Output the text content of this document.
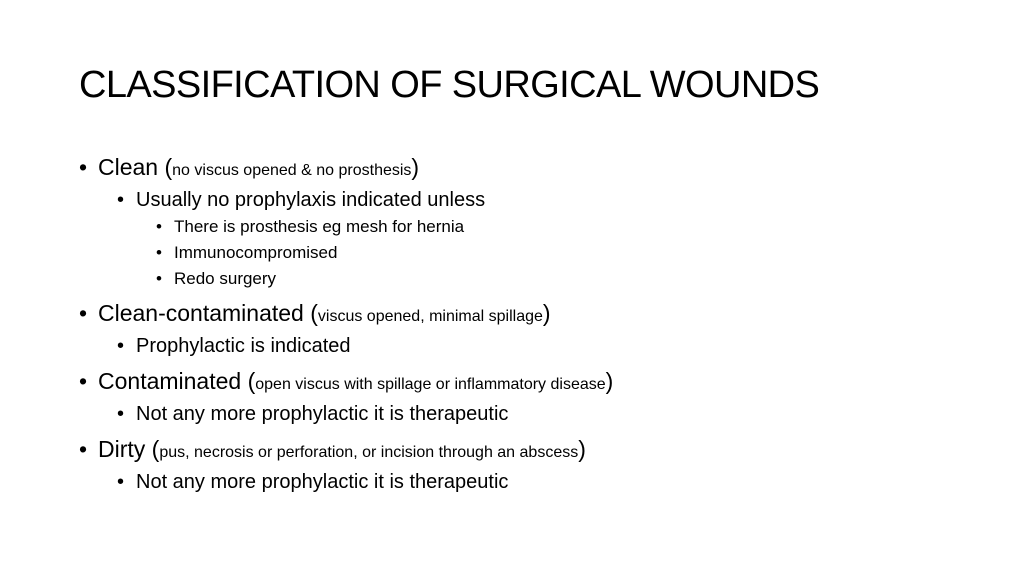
CLASSIFICATION OF SURGICAL WOUNDS
• Clean (no viscus opened & no prosthesis)
• Usually no prophylaxis indicated unless
• There is prosthesis eg mesh for hernia
• Immunocompromised
• Redo surgery
• Clean-contaminated (viscus opened, minimal spillage)
• Prophylactic is indicated
• Contaminated (open viscus with spillage or inflammatory disease)
• Not any more prophylactic it is therapeutic
• Dirty (pus, necrosis or perforation, or incision through an abscess)
• Not any more prophylactic it is therapeutic
